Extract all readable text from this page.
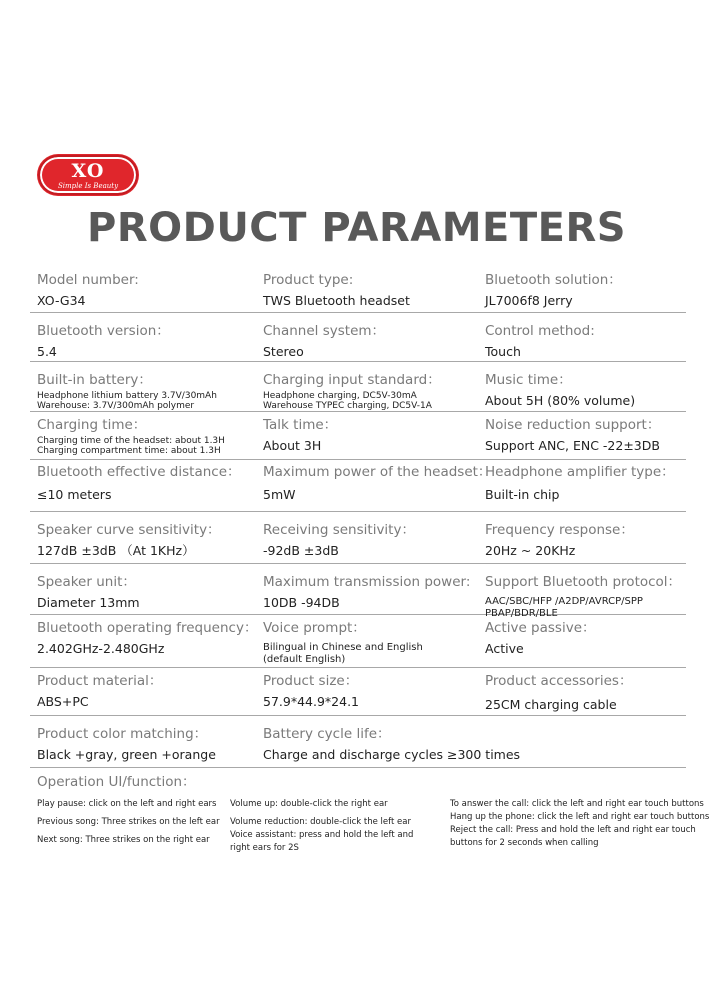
XO
Simple Is Beauty
PRODUCT PARAMETERS
Model number:
XO-G34
Product type:
TWS Bluetooth headset
Bluetooth solution：
JL7006f8 Jerry
Bluetooth version：
5.4
Channel system：
Stereo
Control method:
Touch
Built-in battery：
Headphone lithium battery 3.7V/30mAh
Warehouse: 3.7V/300mAh polymer
Charging input standard：
Headphone charging, DC5V-30mA
Warehouse TYPEC charging, DC5V-1A
Music time：
About 5H (80% volume)
Charging time：
Charging time of the headset: about 1.3H
Charging compartment time: about 1.3H
Talk time：
About 3H
Noise reduction support：
Support ANC, ENC -22±3DB
Bluetooth effective distance：
≤10 meters
Maximum power of the headset：
5mW
Headphone amplifier type：
Built-in chip
Speaker curve sensitivity：
127dB ±3dB （At 1KHz）
Receiving sensitivity：
-92dB ±3dB
Frequency response：
20Hz ~ 20KHz
Speaker unit：
Diameter 13mm
Maximum transmission power:
10DB -94DB
Support Bluetooth protocol：
AAC/SBC/HFP /A2DP/AVRCP/SPP
PBAP/BDR/BLE
Bluetooth operating frequency：
2.402GHz-2.480GHz
Voice prompt：
Bilingual in Chinese and English
(default English)
Active passive：
Active
Product material：
ABS+PC
Product size：
57.9*44.9*24.1
Product accessories：
25CM charging cable
Product color matching：
Black +gray, green +orange
Battery cycle life：
Charge and discharge cycles ≥300 times
Operation UI/function：
Play pause: click on the left and right ears
Previous song: Three strikes on the left ear
Next song: Three strikes on the right ear
Volume up: double-click the right ear
Volume reduction: double-click the left ear
Voice assistant: press and hold the left and
right ears for 2S
To answer the call: click the left and right ear touch buttons
Hang up the phone: click the left and right ear touch buttons
Reject the call: Press and hold the left and right ear touch
buttons for 2 seconds when calling
